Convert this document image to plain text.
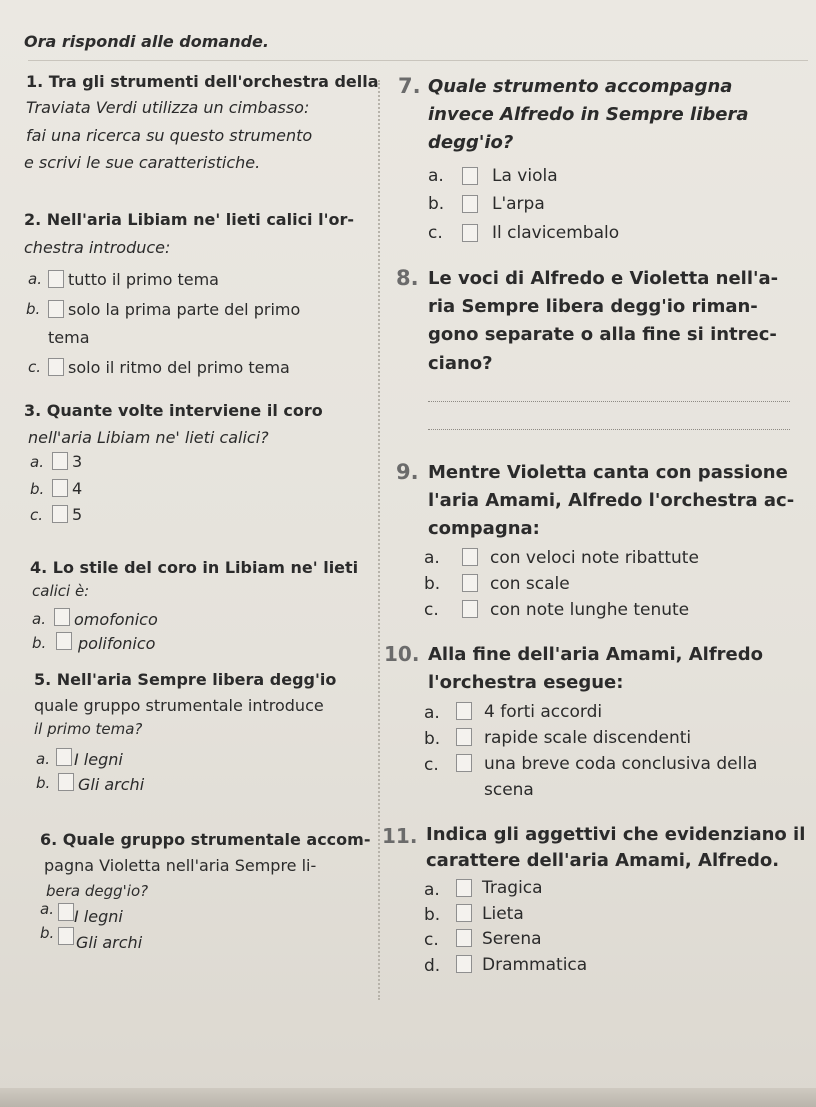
Ora rispondi alle domande.
1. Tra gli strumenti dell'orchestra della
Traviata Verdi utilizza un cimbasso:
fai una ricerca su questo strumento
e scrivi le sue caratteristiche.
2. Nell'aria Libiam ne' lieti calici l'or-
chestra introduce:
a. tutto il primo tema
b. solo la prima parte del primo
tema
c. solo il ritmo del primo tema
3. Quante volte interviene il coro
nell'aria Libiam ne' lieti calici?
a. 3
b. 4
c. 5
4. Lo stile del coro in Libiam ne' lieti
calici è:
a. omofonico
b. polifonico
5. Nell'aria Sempre libera degg'io
quale gruppo strumentale introduce
il primo tema?
a. I legni
b. Gli archi
6. Quale gruppo strumentale accom-
pagna Violetta nell'aria Sempre li-
bera degg'io?
a. I legni
b. Gli archi
7. Quale strumento accompagna
invece Alfredo in Sempre libera
degg'io?
a.	La viola
b.	L'arpa
c.	Il clavicembalo
8. Le voci di Alfredo e Violetta nell'a-
ria Sempre libera degg'io riman-
gono separate o alla fine si intrec-
ciano?
9. Mentre Violetta canta con passione
l'aria Amami, Alfredo l'orchestra ac-
compagna:
a.	con veloci note ribattute
b.	con scale
c.	con note lunghe tenute
10. Alla fine dell'aria Amami, Alfredo
l'orchestra esegue:
a.	4 forti accordi
b.	rapide scale discendenti
c.	una breve coda conclusiva della
scena
11. Indica gli aggettivi che evidenziano il
carattere dell'aria Amami, Alfredo.
a. Tragica
b. Lieta
c.	Serena
d. Drammatica
